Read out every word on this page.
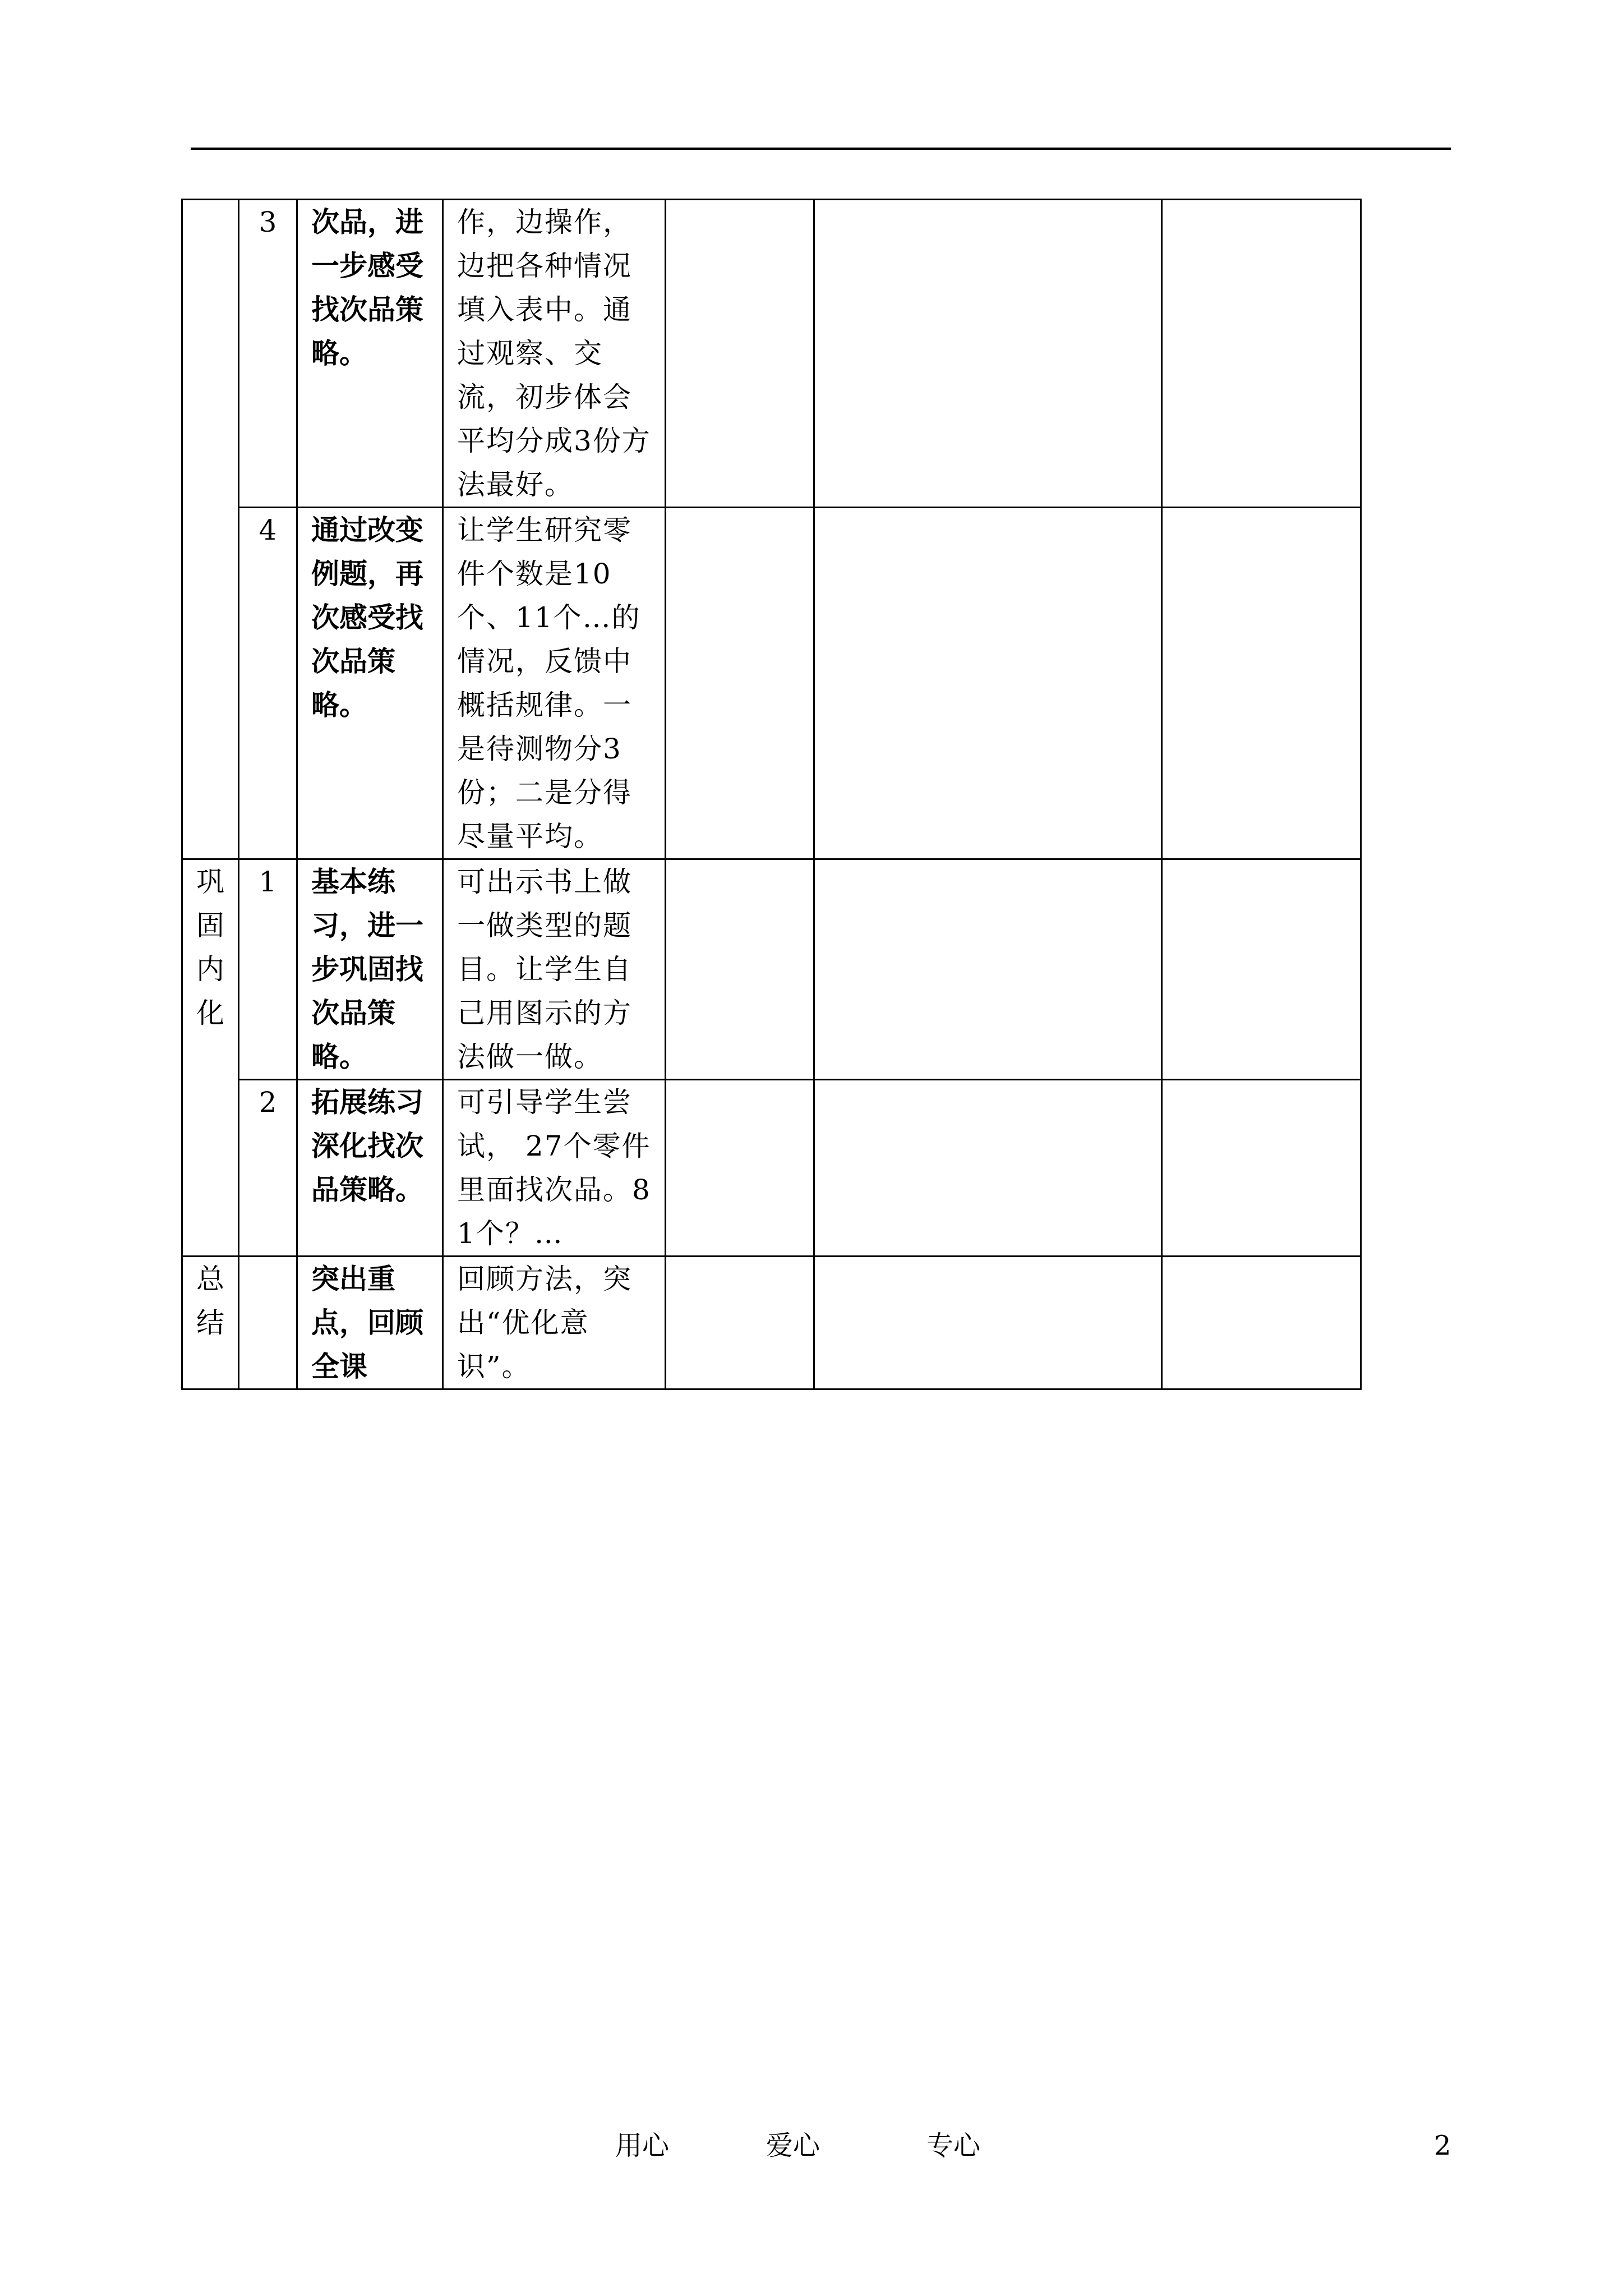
	3	次品，进一步感受找次品策略。	作，边操作，边把各种情况填入表中。通过观察、交流，初步体会平均分成3份方法最好。			
	4	通过改变例题，再次感受找次品策略。	让学生研究零件个数是10个、11个…的情况，反馈中概括规律。一是待测物分3份；二是分得尽量平均。			

巩
固
内
化	1	基本练习，进一步巩固找次品策略。	可出示书上做一做类型的题目。让学生自己用图示的方法做一做。			
	2	拓展练习深化找次品策略。	可引导学生尝试， 27个零件里面找次品。81个？…			

总
结		突出重点，回顾全课	回顾方法，突出“优化意识”。			
用心	爱心	专心	2
